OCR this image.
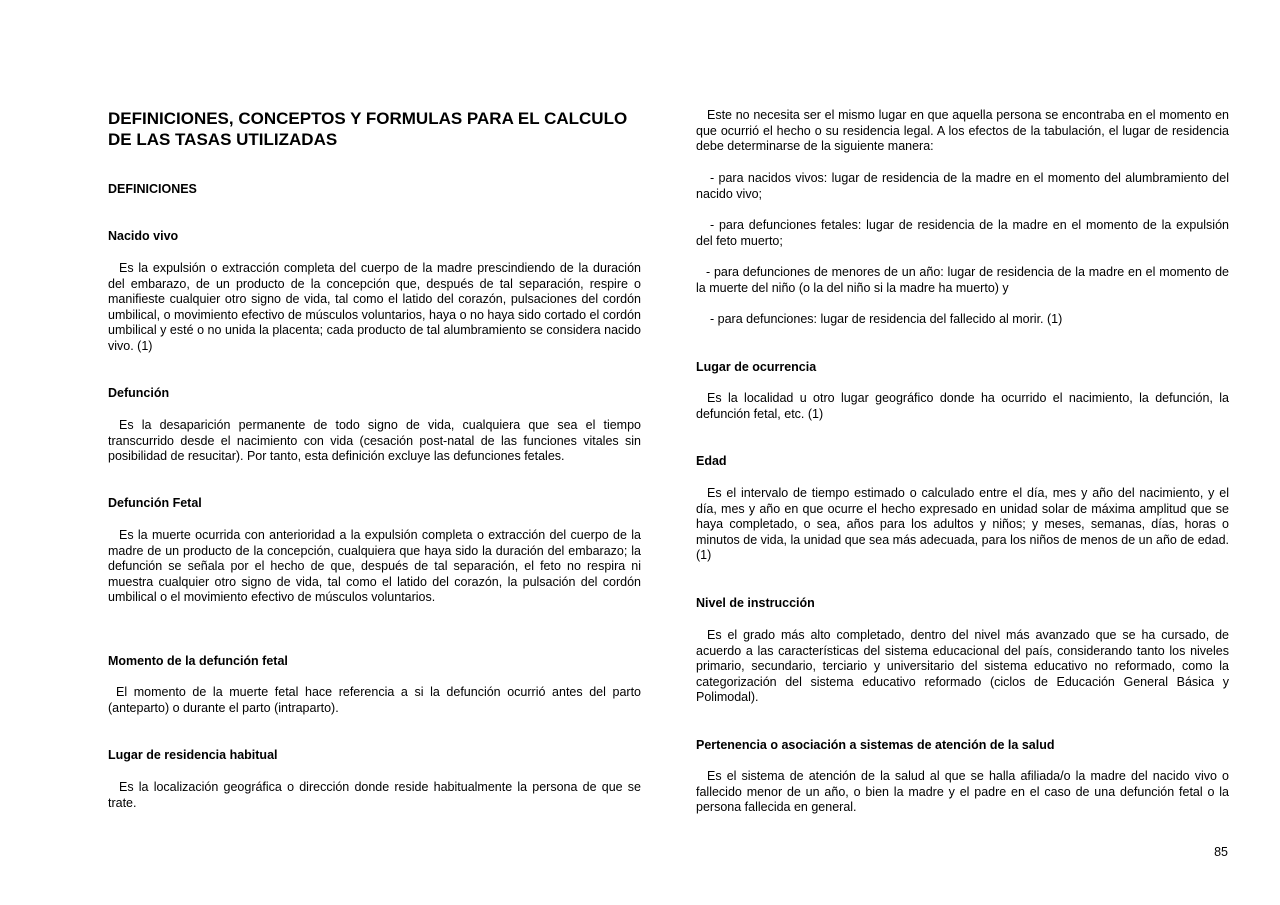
DEFINICIONES, CONCEPTOS Y FORMULAS PARA EL CALCULO DE LAS TASAS UTILIZADAS
DEFINICIONES
Nacido vivo

Es la expulsión o extracción completa del cuerpo de la madre prescindiendo de la duración del embarazo, de un producto de la concepción que, después de tal separación, respire o manifieste cualquier otro signo de vida, tal como el latido del corazón, pulsaciones del cordón umbilical, o movimiento efectivo de músculos voluntarios, haya o no haya sido cortado el cordón umbilical y esté o no unida la placenta; cada producto de tal alumbramiento se considera nacido vivo. (1)

Defunción

Es la desaparición permanente de todo signo de vida, cualquiera que sea el tiempo transcurrido desde el nacimiento con vida (cesación post-natal de las funciones vitales sin posibilidad de resucitar). Por tanto, esta definición excluye las defunciones fetales.

Defunción Fetal

Es la muerte ocurrida con anterioridad a la expulsión completa o extracción del cuerpo de la madre de un producto de la concepción, cualquiera que haya sido la duración del embarazo; la defunción se señala por el hecho de que, después de tal separación, el feto no respira ni muestra cualquier otro signo de vida, tal como el latido del corazón, la pulsación del cordón umbilical o el movimiento efectivo de músculos voluntarios.

Momento de la defunción fetal

El momento de la muerte fetal hace referencia a si la defunción ocurrió antes del parto (anteparto) o durante el parto (intraparto).

Lugar de residencia habitual

Es la localización geográfica o dirección donde reside habitualmente la persona de que se trate.

Este no necesita ser el mismo lugar en que aquella persona se encontraba en el momento en que ocurrió el hecho o su residencia legal. A los efectos de la tabulación, el lugar de residencia debe determinarse de la siguiente manera:

- para nacidos vivos: lugar de residencia de la madre en el momento del alumbramiento del nacido vivo;

- para defunciones fetales: lugar de residencia de la madre en el momento de la expulsión del feto muerto;

- para defunciones de menores de un año: lugar de residencia de la madre en el momento de la muerte del niño (o la del niño si la madre ha muerto) y

- para defunciones: lugar de residencia del fallecido al morir. (1)

Lugar de ocurrencia

Es la localidad u otro lugar geográfico donde ha ocurrido el nacimiento, la defunción, la defunción fetal, etc. (1)

Edad

Es el intervalo de tiempo estimado o calculado entre el día, mes y año del nacimiento, y el día, mes y año en que ocurre el hecho expresado en unidad solar de máxima amplitud que se haya completado, o sea, años para los adultos y niños; y meses, semanas, días, horas o minutos de vida, la unidad que sea más adecuada, para los niños de menos de un año de edad.(1)

Nivel de instrucción

Es el grado más alto completado, dentro del nivel más avanzado que se ha cursado, de acuerdo a las características del sistema educacional del país, considerando tanto los niveles primario, secundario, terciario y universitario del sistema educativo no reformado, como la categorización del sistema educativo reformado (ciclos de Educación General Básica y Polimodal).

Pertenencia o asociación a sistemas de atención de la salud

Es el sistema de atención de la salud al que se halla afiliada/o la madre del nacido vivo o fallecido menor de un año, o bien la madre y el padre en el caso de una defunción fetal o la persona fallecida en general.

85
